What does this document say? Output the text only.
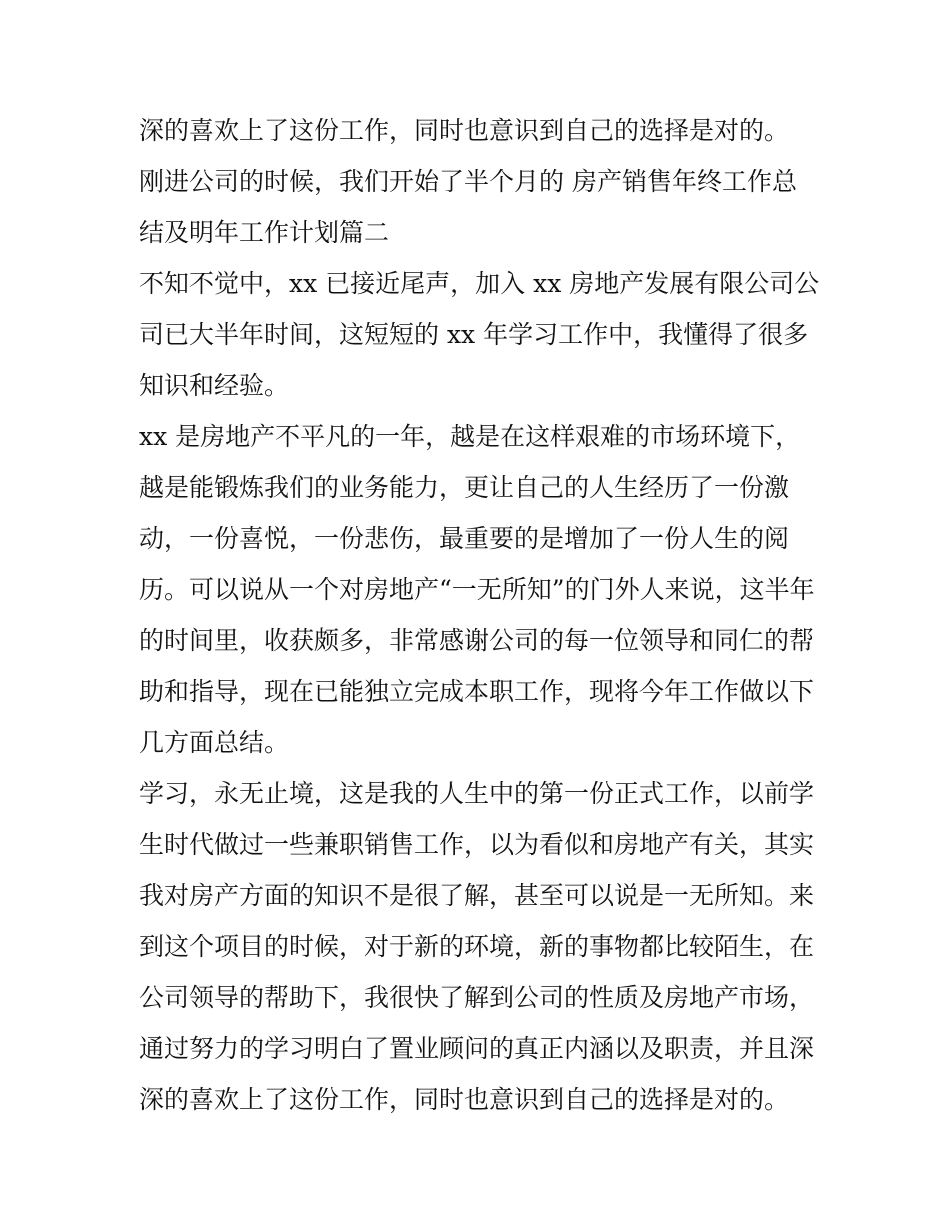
深的喜欢上了这份工作，同时也意识到自己的选择是对的。
刚进公司的时候，我们开始了半个月的 房产销售年终工作总
结及明年工作计划篇二
不知不觉中，xx 已接近尾声，加入 xx 房地产发展有限公司公
司已大半年时间，这短短的 xx 年学习工作中，我懂得了很多
知识和经验。
xx 是房地产不平凡的一年，越是在这样艰难的市场环境下，
越是能锻炼我们的业务能力，更让自己的人生经历了一份激
动，一份喜悦，一份悲伤，最重要的是增加了一份人生的阅
历。可以说从一个对房地产“一无所知”的门外人来说，这半年
的时间里，收获颇多，非常感谢公司的每一位领导和同仁的帮
助和指导，现在已能独立完成本职工作，现将今年工作做以下
几方面总结。
学习，永无止境，这是我的人生中的第一份正式工作，以前学
生时代做过一些兼职销售工作，以为看似和房地产有关，其实
我对房产方面的知识不是很了解，甚至可以说是一无所知。来
到这个项目的时候，对于新的环境，新的事物都比较陌生，在
公司领导的帮助下，我很快了解到公司的性质及房地产市场，
通过努力的学习明白了置业顾问的真正内涵以及职责，并且深
深的喜欢上了这份工作，同时也意识到自己的选择是对的。
